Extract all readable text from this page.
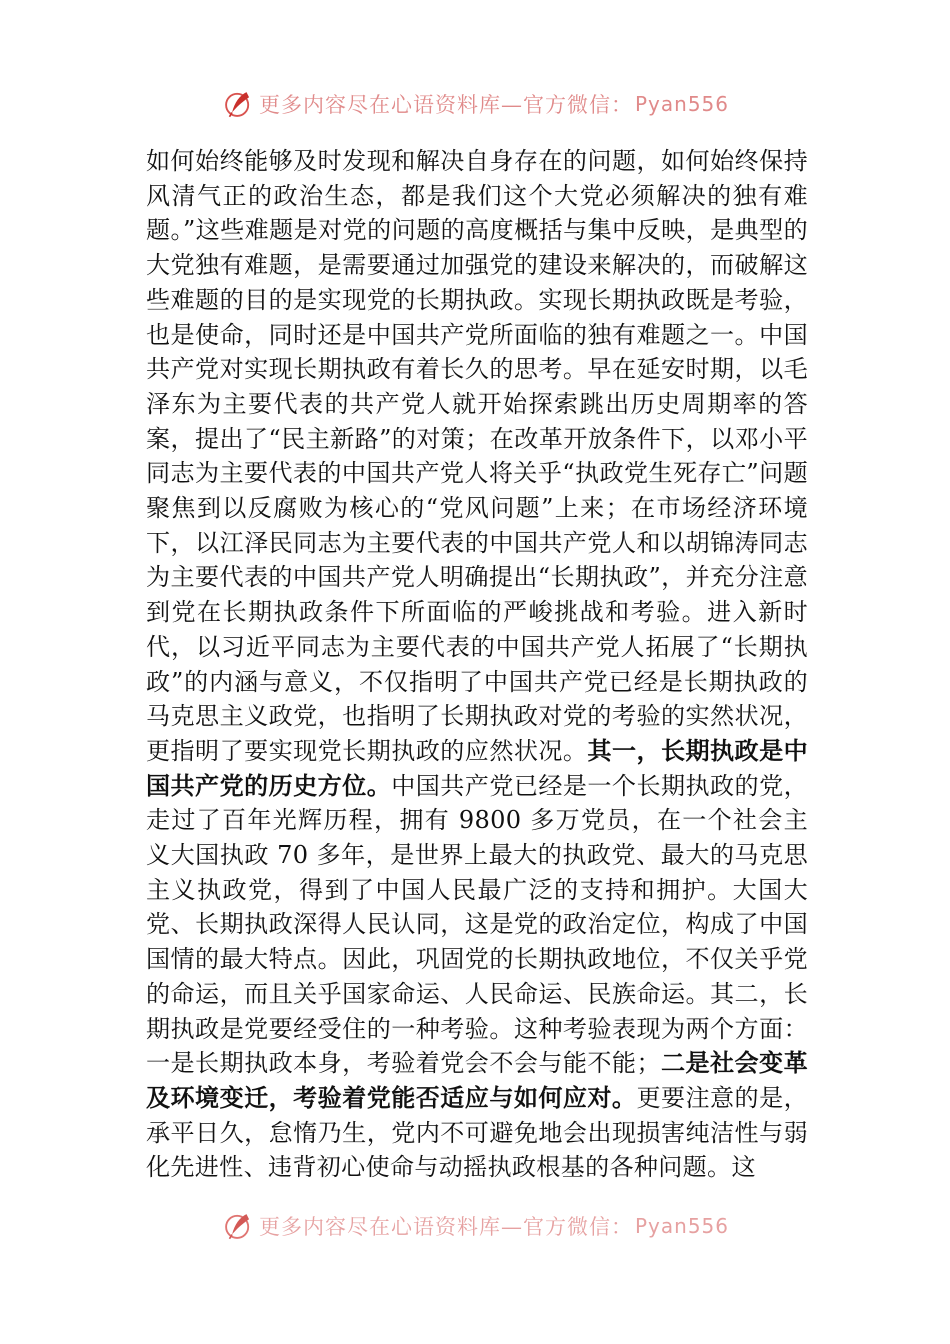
更多内容尽在心语资料库—官方微信： Pyan556
如何始终能够及时发现和解决自身存在的问题，如何始终保持风清气正的政治生态，都是我们这个大党必须解决的独有难题。”这些难题是对党的问题的高度概括与集中反映，是典型的大党独有难题，是需要通过加强党的建设来解决的，而破解这些难题的目的是实现党的长期执政。实现长期执政既是考验，也是使命，同时还是中国共产党所面临的独有难题之一。中国共产党对实现长期执政有着长久的思考。早在延安时期，以毛泽东为主要代表的共产党人就开始探索跳出历史周期率的答案，提出了“民主新路”的对策；在改革开放条件下，以邓小平同志为主要代表的中国共产党人将关乎“执政党生死存亡”问题聚焦到以反腐败为核心的“党风问题”上来；在市场经济环境下，以江泽民同志为主要代表的中国共产党人和以胡锦涛同志为主要代表的中国共产党人明确提出“长期执政”，并充分注意到党在长期执政条件下所面临的严峻挑战和考验。进入新时代，以习近平同志为主要代表的中国共产党人拓展了“长期执政”的内涵与意义，不仅指明了中国共产党已经是长期执政的马克思主义政党，也指明了长期执政对党的考验的实然状况，更指明了要实现党长期执政的应然状况。其一，长期执政是中国共产党的历史方位。中国共产党已经是一个长期执政的党，走过了百年光辉历程，拥有 9800 多万党员，在一个社会主义大国执政 70 多年，是世界上最大的执政党、最大的马克思主义执政党，得到了中国人民最广泛的支持和拥护。大国大党、长期执政深得人民认同，这是党的政治定位，构成了中国国情的最大特点。因此，巩固党的长期执政地位，不仅关乎党的命运，而且关乎国家命运、人民命运、民族命运。其二，长期执政是党要经受住的一种考验。这种考验表现为两个方面：一是长期执政本身，考验着党会不会与能不能；二是社会变革及环境变迁，考验着党能否适应与如何应对。更要注意的是，承平日久，怠惰乃生，党内不可避免地会出现损害纯洁性与弱化先进性、违背初心使命与动摇执政根基的各种问题。这
更多内容尽在心语资料库—官方微信： Pyan556
